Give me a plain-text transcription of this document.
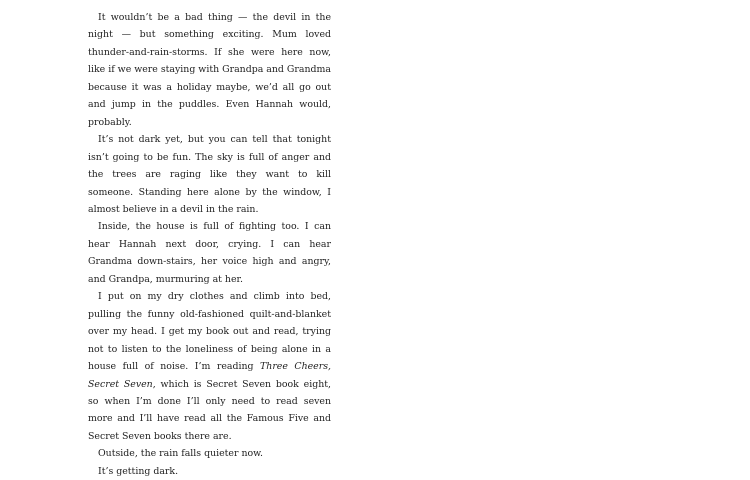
It wouldn’t be a bad thing — the devil in the night — but something exciting. Mum loved thunder-and-rain-storms. If she were here now, like if we were staying with Grandpa and Grandma because it was a holiday maybe, we’d all go out and jump in the puddles. Even Hannah would, probably.

It’s not dark yet, but you can tell that tonight isn’t going to be fun. The sky is full of anger and the trees are raging like they want to kill someone. Standing here alone by the window, I almost believe in a devil in the rain.

Inside, the house is full of fighting too. I can hear Hannah next door, crying. I can hear Grandma down-stairs, her voice high and angry, and Grandpa, murmuring at her.

I put on my dry clothes and climb into bed, pulling the funny old-fashioned quilt-and-blanket over my head. I get my book out and read, trying not to listen to the loneliness of being alone in a house full of noise. I’m reading Three Cheers, Secret Seven, which is Secret Seven book eight, so when I’m done I’ll only need to read seven more and I’ll have read all the Famous Five and Secret Seven books there are.

Outside, the rain falls quieter now.

It’s getting dark.
